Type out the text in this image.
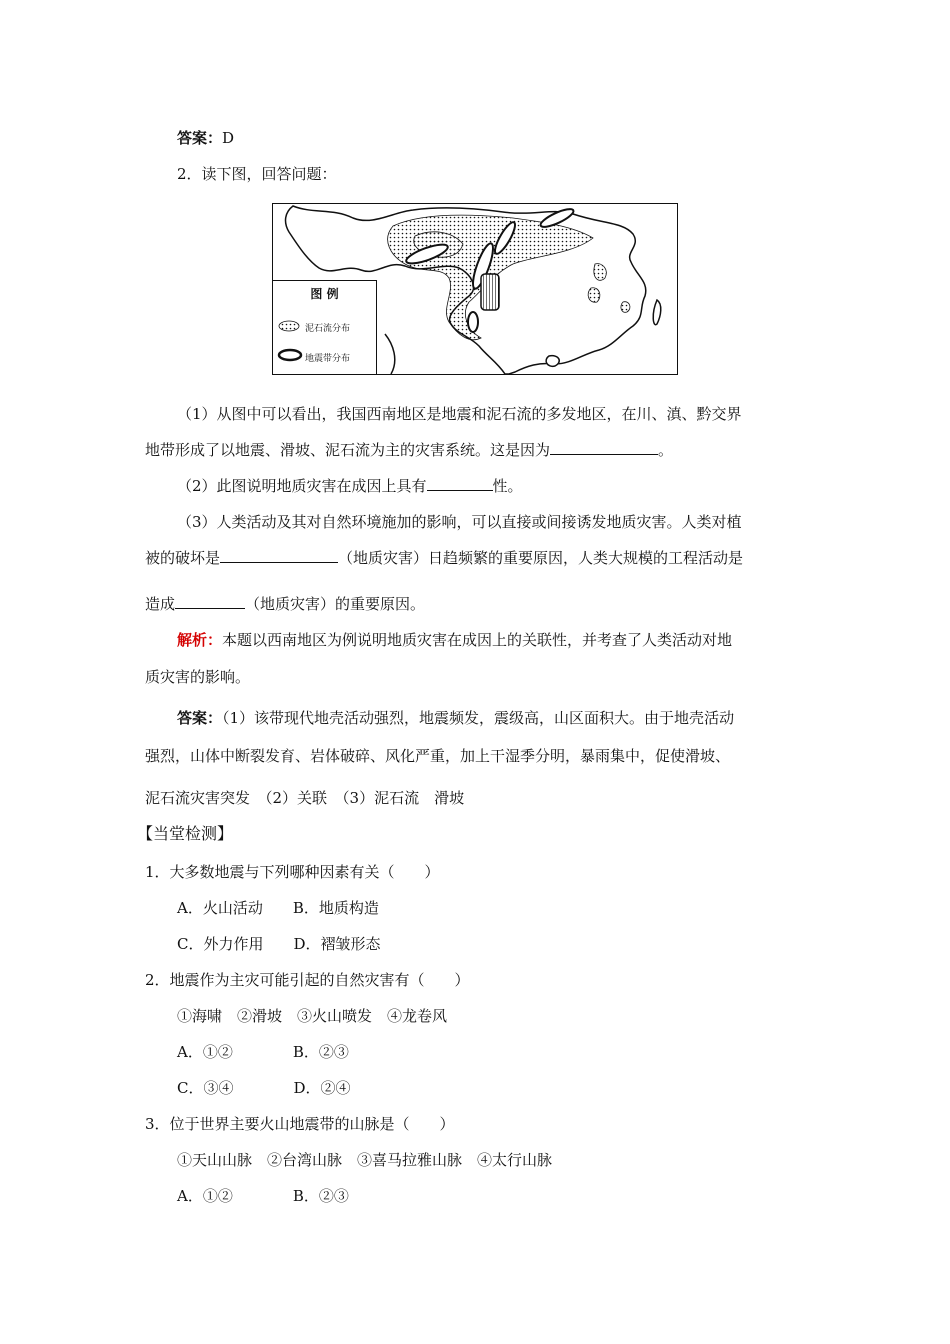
答案：D
2．读下图，回答问题：
图 例
泥石流分布
地震带分布
（1）从图中可以看出，我国西南地区是地震和泥石流的多发地区，在川、滇、黔交界
地带形成了以地震、滑坡、泥石流为主的灾害系统。这是因为	。
（2）此图说明地质灾害在成因上具有	性。
（3）人类活动及其对自然环境施加的影响，可以直接或间接诱发地质灾害。人类对植
被的破坏是	（地质灾害）日趋频繁的重要原因，人类大规模的工程活动是
造成	（地质灾害）的重要原因。
解析：本题以西南地区为例说明地质灾害在成因上的关联性，并考查了人类活动对地
质灾害的影响。
答案：（1）该带现代地壳活动强烈，地震频发，震级高，山区面积大。由于地壳活动
强烈，山体中断裂发育、岩体破碎、风化严重，加上干湿季分明，暴雨集中，促使滑坡、
泥石流灾害突发　（2）关联　（3）泥石流　滑坡
【当堂检测】
1．大多数地震与下列哪种因素有关（　　）
A．火山活动　　B．地质构造
C．外力作用　　D．褶皱形态
2．地震作为主灾可能引起的自然灾害有（　　）
①海啸　②滑坡　③火山喷发　④龙卷风
A．①②　　　　B．②③
C．③④　　　　D．②④
3．位于世界主要火山地震带的山脉是（　　）
①天山山脉　②台湾山脉　③喜马拉雅山脉　④太行山脉
A．①②　　　　B．②③
